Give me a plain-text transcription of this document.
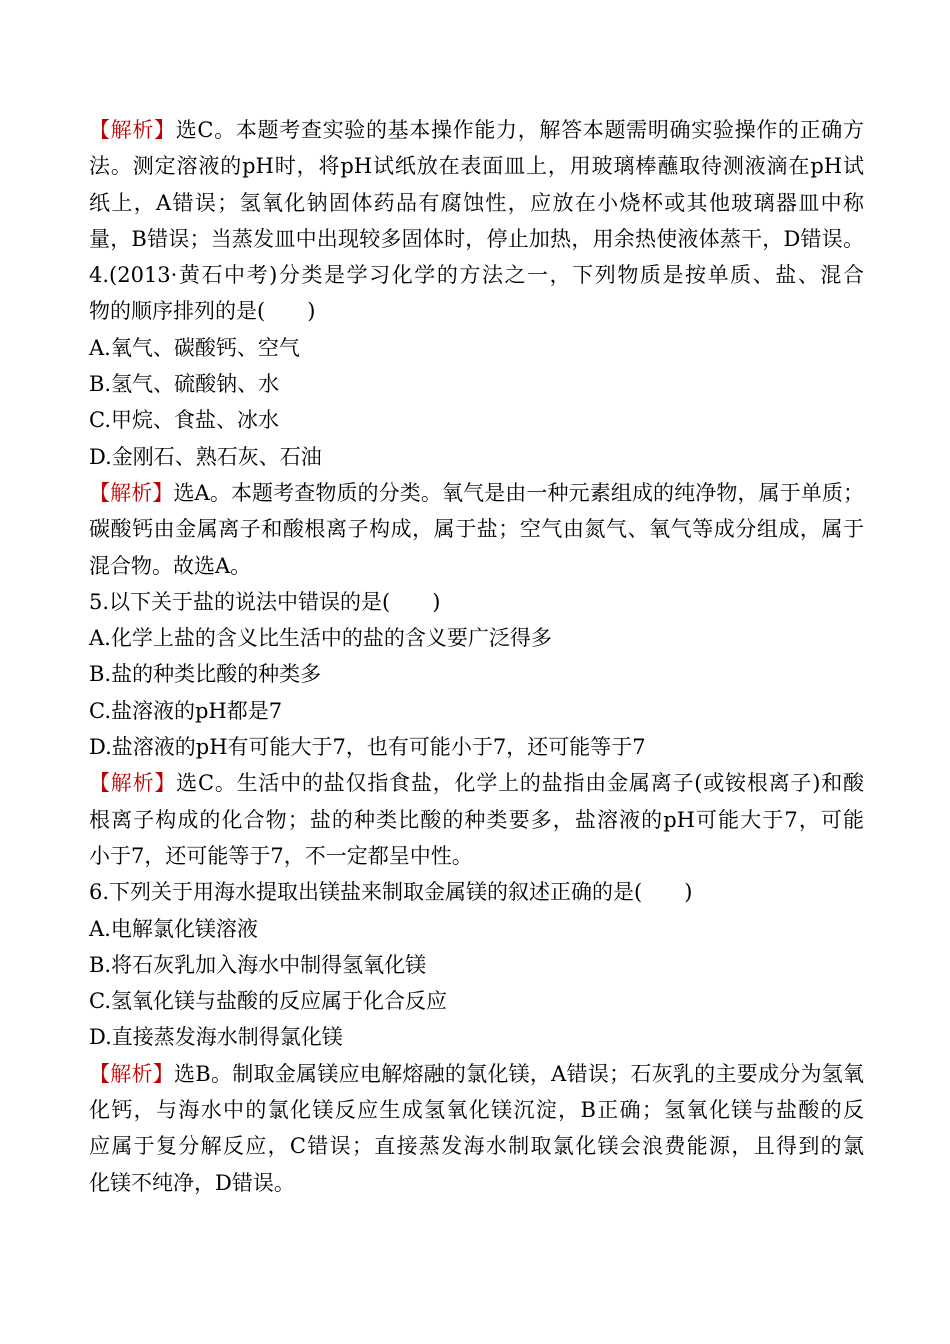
【解析】选C。本题考查实验的基本操作能力，解答本题需明确实验操作的正确方
法。测定溶液的pH时，将pH试纸放在表面皿上，用玻璃棒蘸取待测液滴在pH试
纸上，A错误；氢氧化钠固体药品有腐蚀性，应放在小烧杯或其他玻璃器皿中称
量，B错误；当蒸发皿中出现较多固体时，停止加热，用余热使液体蒸干，D错误。
4.(2013·黄石中考)分类是学习化学的方法之一，下列物质是按单质、盐、混合
物的顺序排列的是(　　)
A.氧气、碳酸钙、空气
B.氢气、硫酸钠、水
C.甲烷、食盐、冰水
D.金刚石、熟石灰、石油
【解析】选A。本题考查物质的分类。氧气是由一种元素组成的纯净物，属于单质；
碳酸钙由金属离子和酸根离子构成，属于盐；空气由氮气、氧气等成分组成，属于
混合物。故选A。
5.以下关于盐的说法中错误的是(　　)
A.化学上盐的含义比生活中的盐的含义要广泛得多
B.盐的种类比酸的种类多
C.盐溶液的pH都是7
D.盐溶液的pH有可能大于7，也有可能小于7，还可能等于7
【解析】选C。生活中的盐仅指食盐，化学上的盐指由金属离子(或铵根离子)和酸
根离子构成的化合物；盐的种类比酸的种类要多，盐溶液的pH可能大于7，可能
小于7，还可能等于7，不一定都呈中性。
6.下列关于用海水提取出镁盐来制取金属镁的叙述正确的是(　　)
A.电解氯化镁溶液
B.将石灰乳加入海水中制得氢氧化镁
C.氢氧化镁与盐酸的反应属于化合反应
D.直接蒸发海水制得氯化镁
【解析】选B。制取金属镁应电解熔融的氯化镁，A错误；石灰乳的主要成分为氢氧
化钙，与海水中的氯化镁反应生成氢氧化镁沉淀，B正确；氢氧化镁与盐酸的反
应属于复分解反应，C错误；直接蒸发海水制取氯化镁会浪费能源，且得到的氯
化镁不纯净，D错误。
